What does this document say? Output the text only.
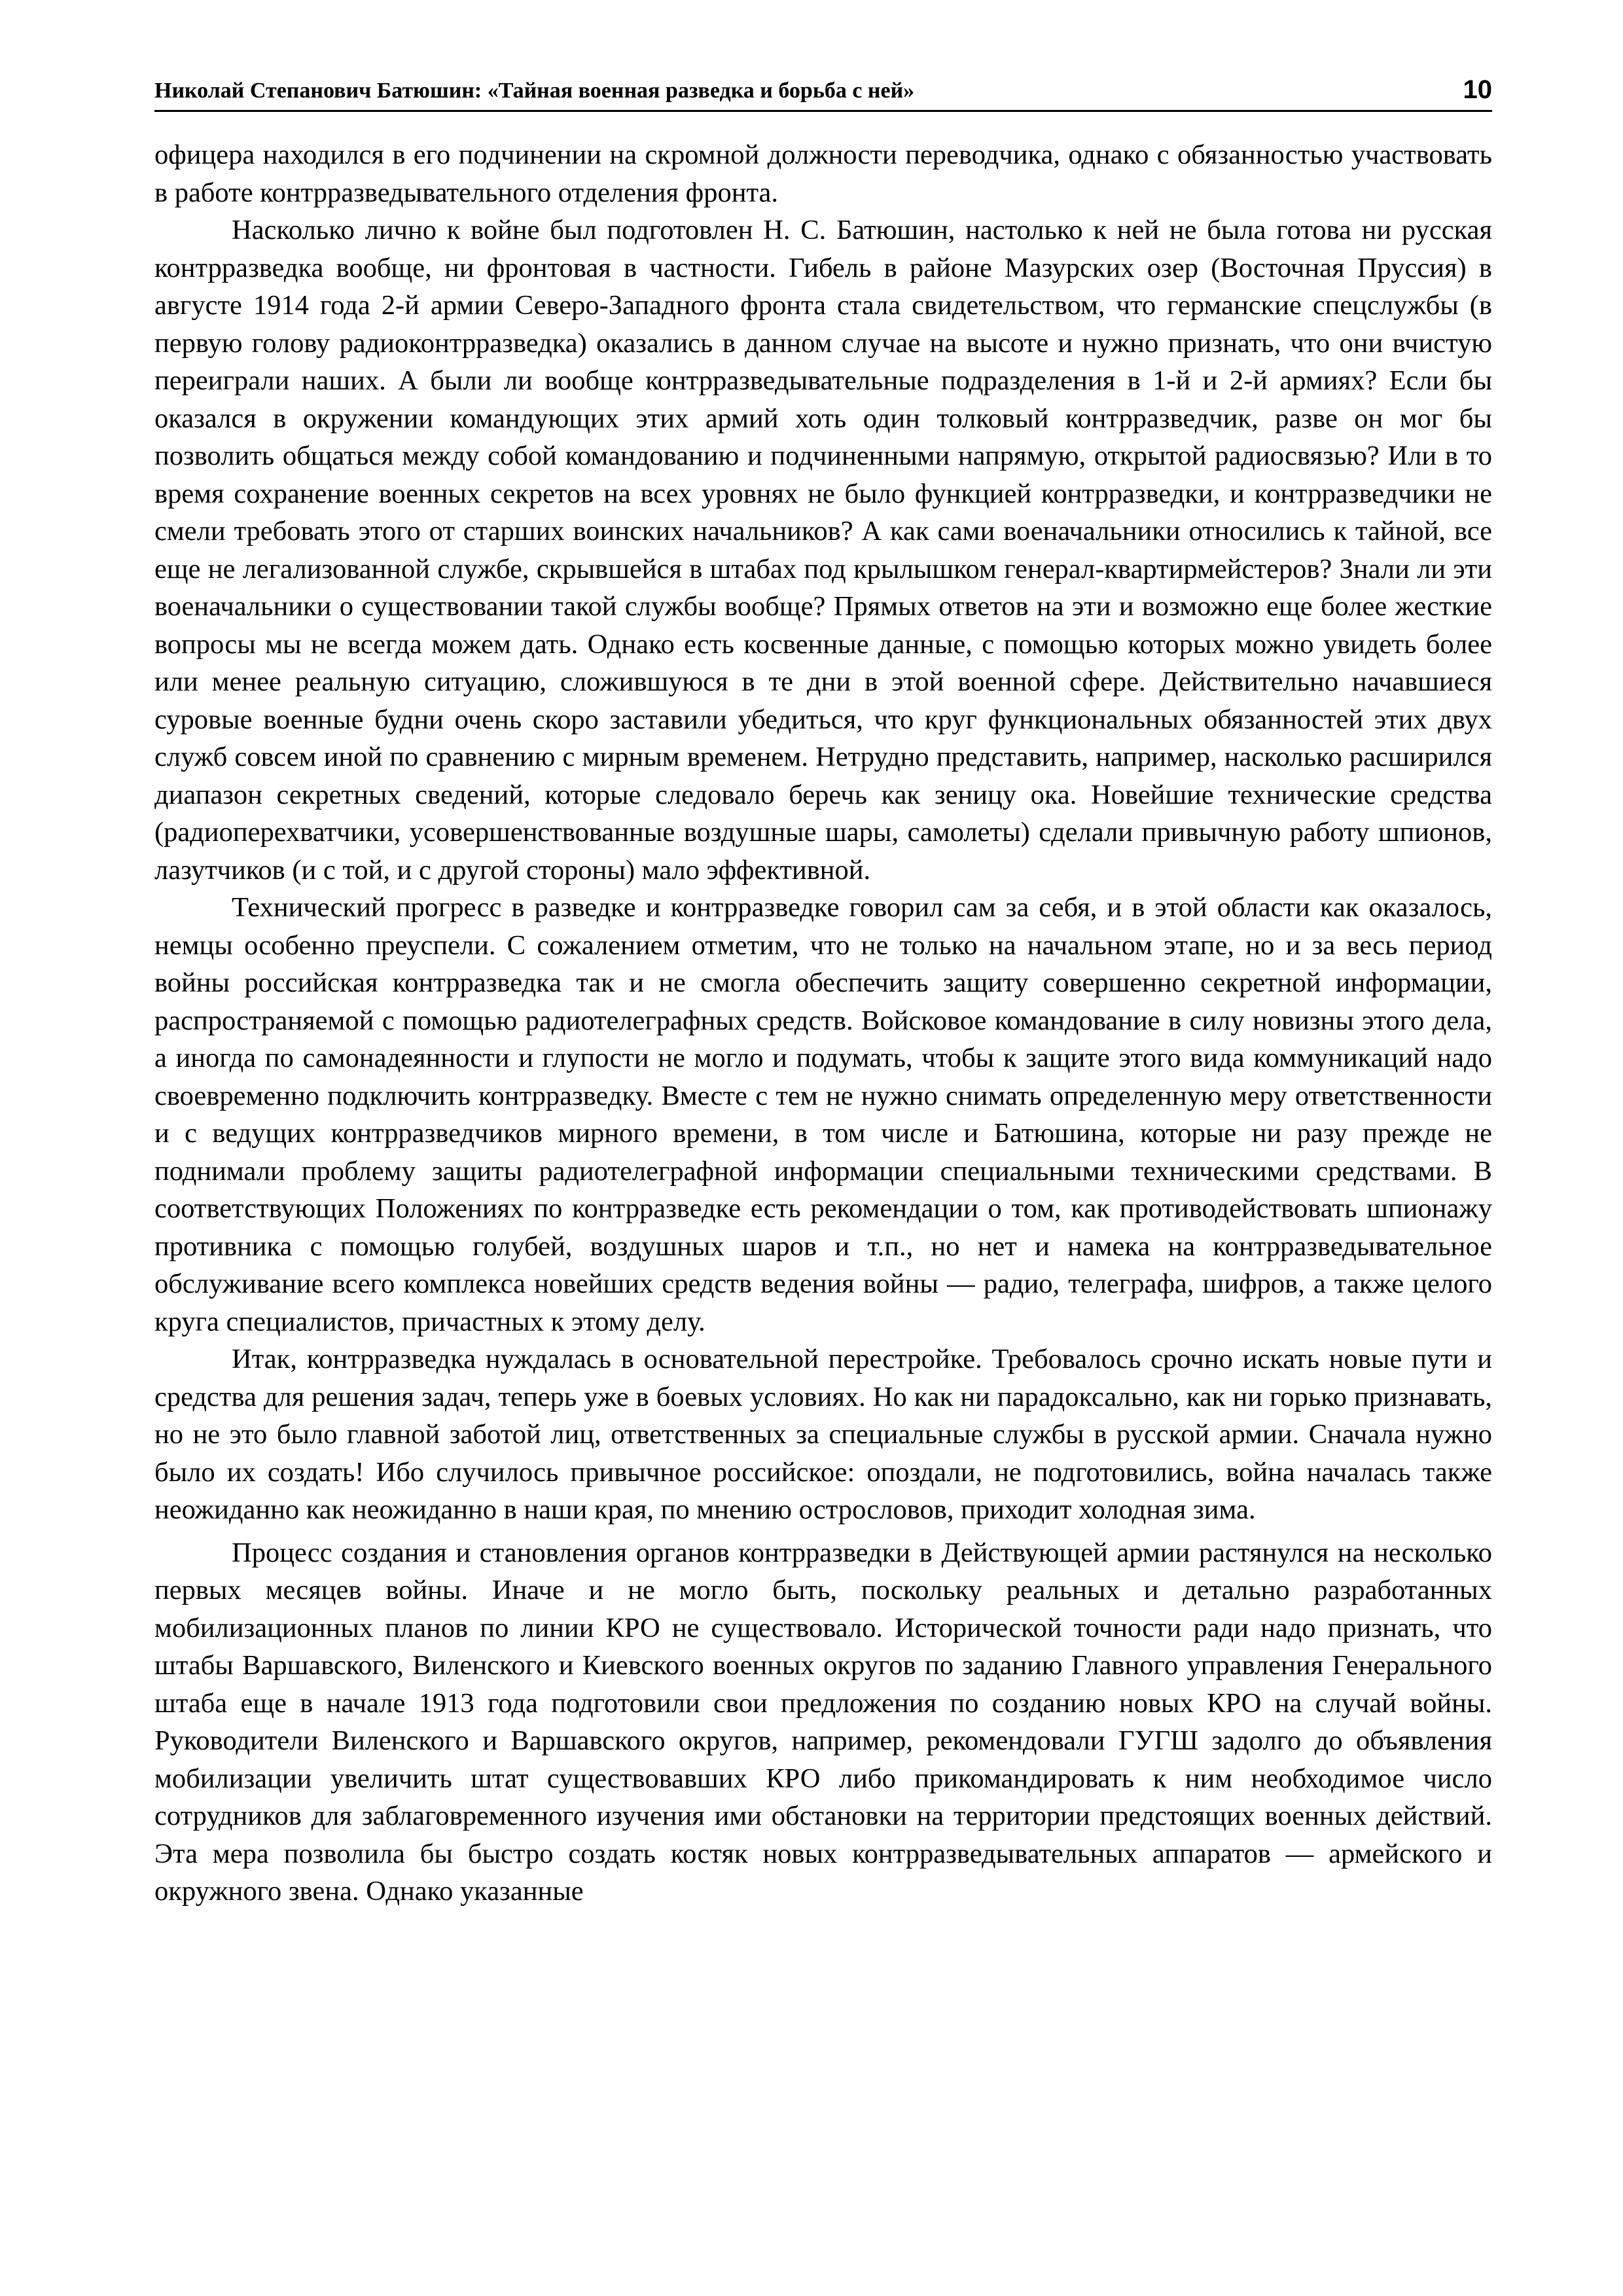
Николай Степанович Батюшин: «Тайная военная разведка и борьба с ней»	10

офицера находился в его подчинении на скромной должности переводчика, однако с обязанностью участвовать в работе контрразведывательного отделения фронта.

Насколько лично к войне был подготовлен Н. С. Батюшин, настолько к ней не была готова ни русская контрразведка вообще, ни фронтовая в частности. Гибель в районе Мазурских озер (Восточная Пруссия) в августе 1914 года 2-й армии Северо-Западного фронта стала свидетельством, что германские спецслужбы (в первую голову радиоконтрразведка) оказались в данном случае на высоте и нужно признать, что они вчистую переиграли наших. А были ли вообще контрразведывательные подразделения в 1-й и 2-й армиях? Если бы оказался в окружении командующих этих армий хоть один толковый контрразведчик, разве он мог бы позволить общаться между собой командованию и подчиненными напрямую, открытой радиосвязью? Или в то время сохранение военных секретов на всех уровнях не было функцией контрразведки, и контрразведчики не смели требовать этого от старших воинских начальников? А как сами военачальники относились к тайной, все еще не легализованной службе, скрывшейся в штабах под крылышком генерал-квартирмейстеров? Знали ли эти военачальники о существовании такой службы вообще? Прямых ответов на эти и возможно еще более жесткие вопросы мы не всегда можем дать. Однако есть косвенные данные, с помощью которых можно увидеть более или менее реальную ситуацию, сложившуюся в те дни в этой военной сфере. Действительно начавшиеся суровые военные будни очень скоро заставили убедиться, что круг функциональных обязанностей этих двух служб совсем иной по сравнению с мирным временем. Нетрудно представить, например, насколько расширился диапазон секретных сведений, которые следовало беречь как зеницу ока. Новейшие технические средства (радиоперехватчики, усовершенствованные воздушные шары, самолеты) сделали привычную работу шпионов, лазутчиков (и с той, и с другой стороны) мало эффективной.

Технический прогресс в разведке и контрразведке говорил сам за себя, и в этой области как оказалось, немцы особенно преуспели. С сожалением отметим, что не только на начальном этапе, но и за весь период войны российская контрразведка так и не смогла обеспечить защиту совершенно секретной информации, распространяемой с помощью радиотелеграфных средств. Войсковое командование в силу новизны этого дела, а иногда по самонадеянности и глупости не могло и подумать, чтобы к защите этого вида коммуникаций надо своевременно подключить контрразведку. Вместе с тем не нужно снимать определенную меру ответственности и с ведущих контрразведчиков мирного времени, в том числе и Батюшина, которые ни разу прежде не поднимали проблему защиты радиотелеграфной информации специальными техническими средствами. В соответствующих Положениях по контрразведке есть рекомендации о том, как противодействовать шпионажу противника с помощью голубей, воздушных шаров и т.п., но нет и намека на контрразведывательное обслуживание всего комплекса новейших средств ведения войны — радио, телеграфа, шифров, а также целого круга специалистов, причастных к этому делу.

Итак, контрразведка нуждалась в основательной перестройке. Требовалось срочно искать новые пути и средства для решения задач, теперь уже в боевых условиях. Но как ни парадоксально, как ни горько признавать, но не это было главной заботой лиц, ответственных за специальные службы в русской армии. Сначала нужно было их создать! Ибо случилось привычное российское: опоздали, не подготовились, война началась также неожиданно как неожиданно в наши края, по мнению острословов, приходит холодная зима.

Процесс создания и становления органов контрразведки в Действующей армии растянулся на несколько первых месяцев войны. Иначе и не могло быть, поскольку реальных и детально разработанных мобилизационных планов по линии КРО не существовало. Исторической точности ради надо признать, что штабы Варшавского, Виленского и Киевского военных округов по заданию Главного управления Генерального штаба еще в начале 1913 года подготовили свои предложения по созданию новых КРО на случай войны. Руководители Виленского и Варшавского округов, например, рекомендовали ГУГШ задолго до объявления мобилизации увеличить штат существовавших КРО либо прикомандировать к ним необходимое число сотрудников для заблаговременного изучения ими обстановки на территории предстоящих военных действий. Эта мера позволила бы быстро создать костяк новых контрразведывательных аппаратов — армейского и окружного звена. Однако указанные
